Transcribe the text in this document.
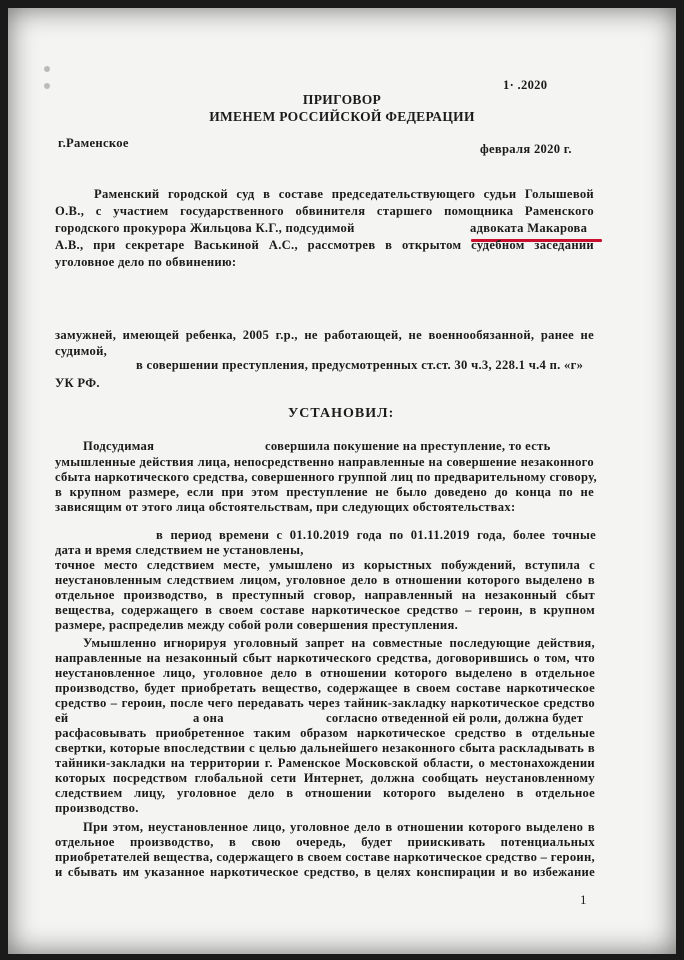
1· .2020
ПРИГОВОР
ИМЕНЕМ РОССИЙСКОЙ ФЕДЕРАЦИИ
г.Раменское	февраля 2020 г.
Раменский городской суд в составе председательствующего судьи Голышевой
О.В., с участием государственного обвинителя старшего помощника Раменского
городского прокурора Жильцова К.Г., подсудимой	адвоката Макарова
А.В., при секретаре Васькиной А.С., рассмотрев в открытом судебном заседании
уголовное дело по обвинению:
замужней, имеющей ребенка, 2005 г.р., не работающей, не военнообязанной, ранее не
судимой,
в совершении преступления, предусмотренных ст.ст. 30 ч.3, 228.1 ч.4 п. «г»
УК РФ.
УСТАНОВИЛ:
Подсудимая	совершила покушение на преступление, то есть
умышленные действия лица, непосредственно направленные на совершение незаконного
сбыта наркотического средства, совершенного группой лиц по предварительному сговору,
в крупном размере, если при этом преступление не было доведено до конца по не
зависящим от этого лица обстоятельствам, при следующих обстоятельствах:
в период времени с 01.10.2019 года по 01.11.2019 года, более точные
дата и время следствием не установлены,
точное место следствием месте, умышлено из корыстных побуждений, вступила с
неустановленным следствием лицом, уголовное дело в отношении которого выделено в
отдельное производство, в преступный сговор, направленный на незаконный сбыт
вещества, содержащего в своем составе наркотическое средство – героин, в крупном
размере, распределив между собой роли совершения преступления.
Умышленно игнорируя уголовный запрет на совместные последующие действия,
направленные на незаконный сбыт наркотического средства, договорившись о том, что
неустановленное лицо, уголовное дело в отношении которого выделено в отдельное
производство, будет приобретать вещество, содержащее в своем составе наркотическое
средство – героин, после чего передавать через тайник-закладку наркотическое средство
ей	а она	согласно отведенной ей роли, должна будет
расфасовывать приобретенное таким образом наркотическое средство в отдельные
свертки, которые впоследствии с целью дальнейшего незаконного сбыта раскладывать в
тайники-закладки на территории г. Раменское Московской области, о местонахождении
которых посредством глобальной сети Интернет, должна сообщать неустановленному
следствием лицу, уголовное дело в отношении которого выделено в отдельное
производство.
При этом, неустановленное лицо, уголовное дело в отношении которого выделено в
отдельное производство, в свою очередь, будет приискивать потенциальных
приобретателей вещества, содержащего в своем составе наркотическое средство – героин,
и сбывать им указанное наркотическое средство, в целях конспирации и во избежание
1
